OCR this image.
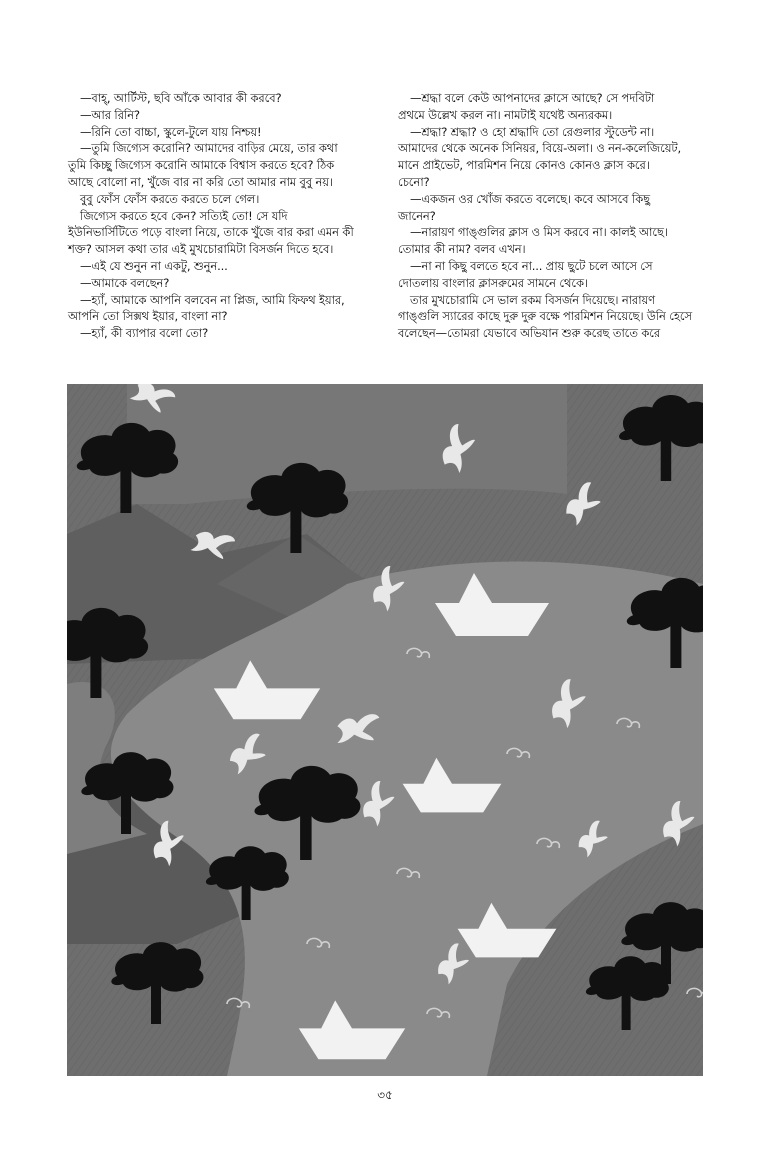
—বাহ্, আর্টিস্ট, ছবি আঁকে আবার কী করবে?

—আর রিনি?

—রিনি তো বাচ্চা, স্কুলে-টুলে যায় নিশ্চয়!

—তুমি জিগ্যেস করোনি? আমাদের বাড়ির মেয়ে, তার কথা

তুমি কিচ্ছু জিগ্যেস করোনি আমাকে বিশ্বাস করতে হবে? ঠিক

আছে বোলো না, খুঁজে বার না করি তো আমার নাম বুবু নয়।

বুবু ফোঁস ফোঁস করতে করতে চলে গেল।

জিগ্যেস করতে হবে কেন? সত্যিই তো! সে যদি

ইউনিভার্সিটিতে পড়ে বাংলা নিয়ে, তাকে খুঁজে বার করা এমন কী

শক্ত? আসল কথা তার এই মুখচোরামিটা বিসর্জন দিতে হবে।

—এই যে শুনুন না একটু, শুনুন...

—আমাকে বলছেন?

—হ্যাঁ, আমাকে আপনি বলবেন না প্লিজ, আমি ফিফথ ইয়ার,

আপনি তো সিক্সথ ইয়ার, বাংলা না?

—হ্যাঁ, কী ব্যাপার বলো তো?

—শ্রদ্ধা বলে কেউ আপনাদের ক্লাসে আছে? সে পদবিটা

প্রথমে উল্লেখ করল না। নামটাই যথেষ্ট অন্যরকম।

—শ্রদ্ধা? শ্রদ্ধা? ও হো শ্রদ্ধাদি তো রেগুলার স্টুডেন্ট না।

আমাদের থেকে অনেক সিনিয়র, বিয়ে-অলা। ও নন-কলেজিয়েট,

মানে প্রাইভেট, পারমিশন নিয়ে কোনও কোনও ক্লাস করে।

চেনো?

—একজন ওর খোঁজ করতে বলেছে। কবে আসবে কিছু

জানেন?

—নারায়ণ গাঙ্গুলির ক্লাস ও মিস করবে না। কালই আছে।

তোমার কী নাম? বলব এখন।

—না না কিছু বলতে হবে না... প্রায় ছুটে চলে আসে সে

দোতলায় বাংলার ক্লাসরুমের সামনে থেকে।

তার মুখচোরামি সে ভাল রকম বিসর্জন দিয়েছে। নারায়ণ

গাঙ্গুলি স্যারের কাছে দুরু দুরু বক্ষে পারমিশন নিয়েছে। উনি হেসে

বলেছেন—তোমরা যেভাবে অভিযান শুরু করেছ তাতে করে

৩৫
